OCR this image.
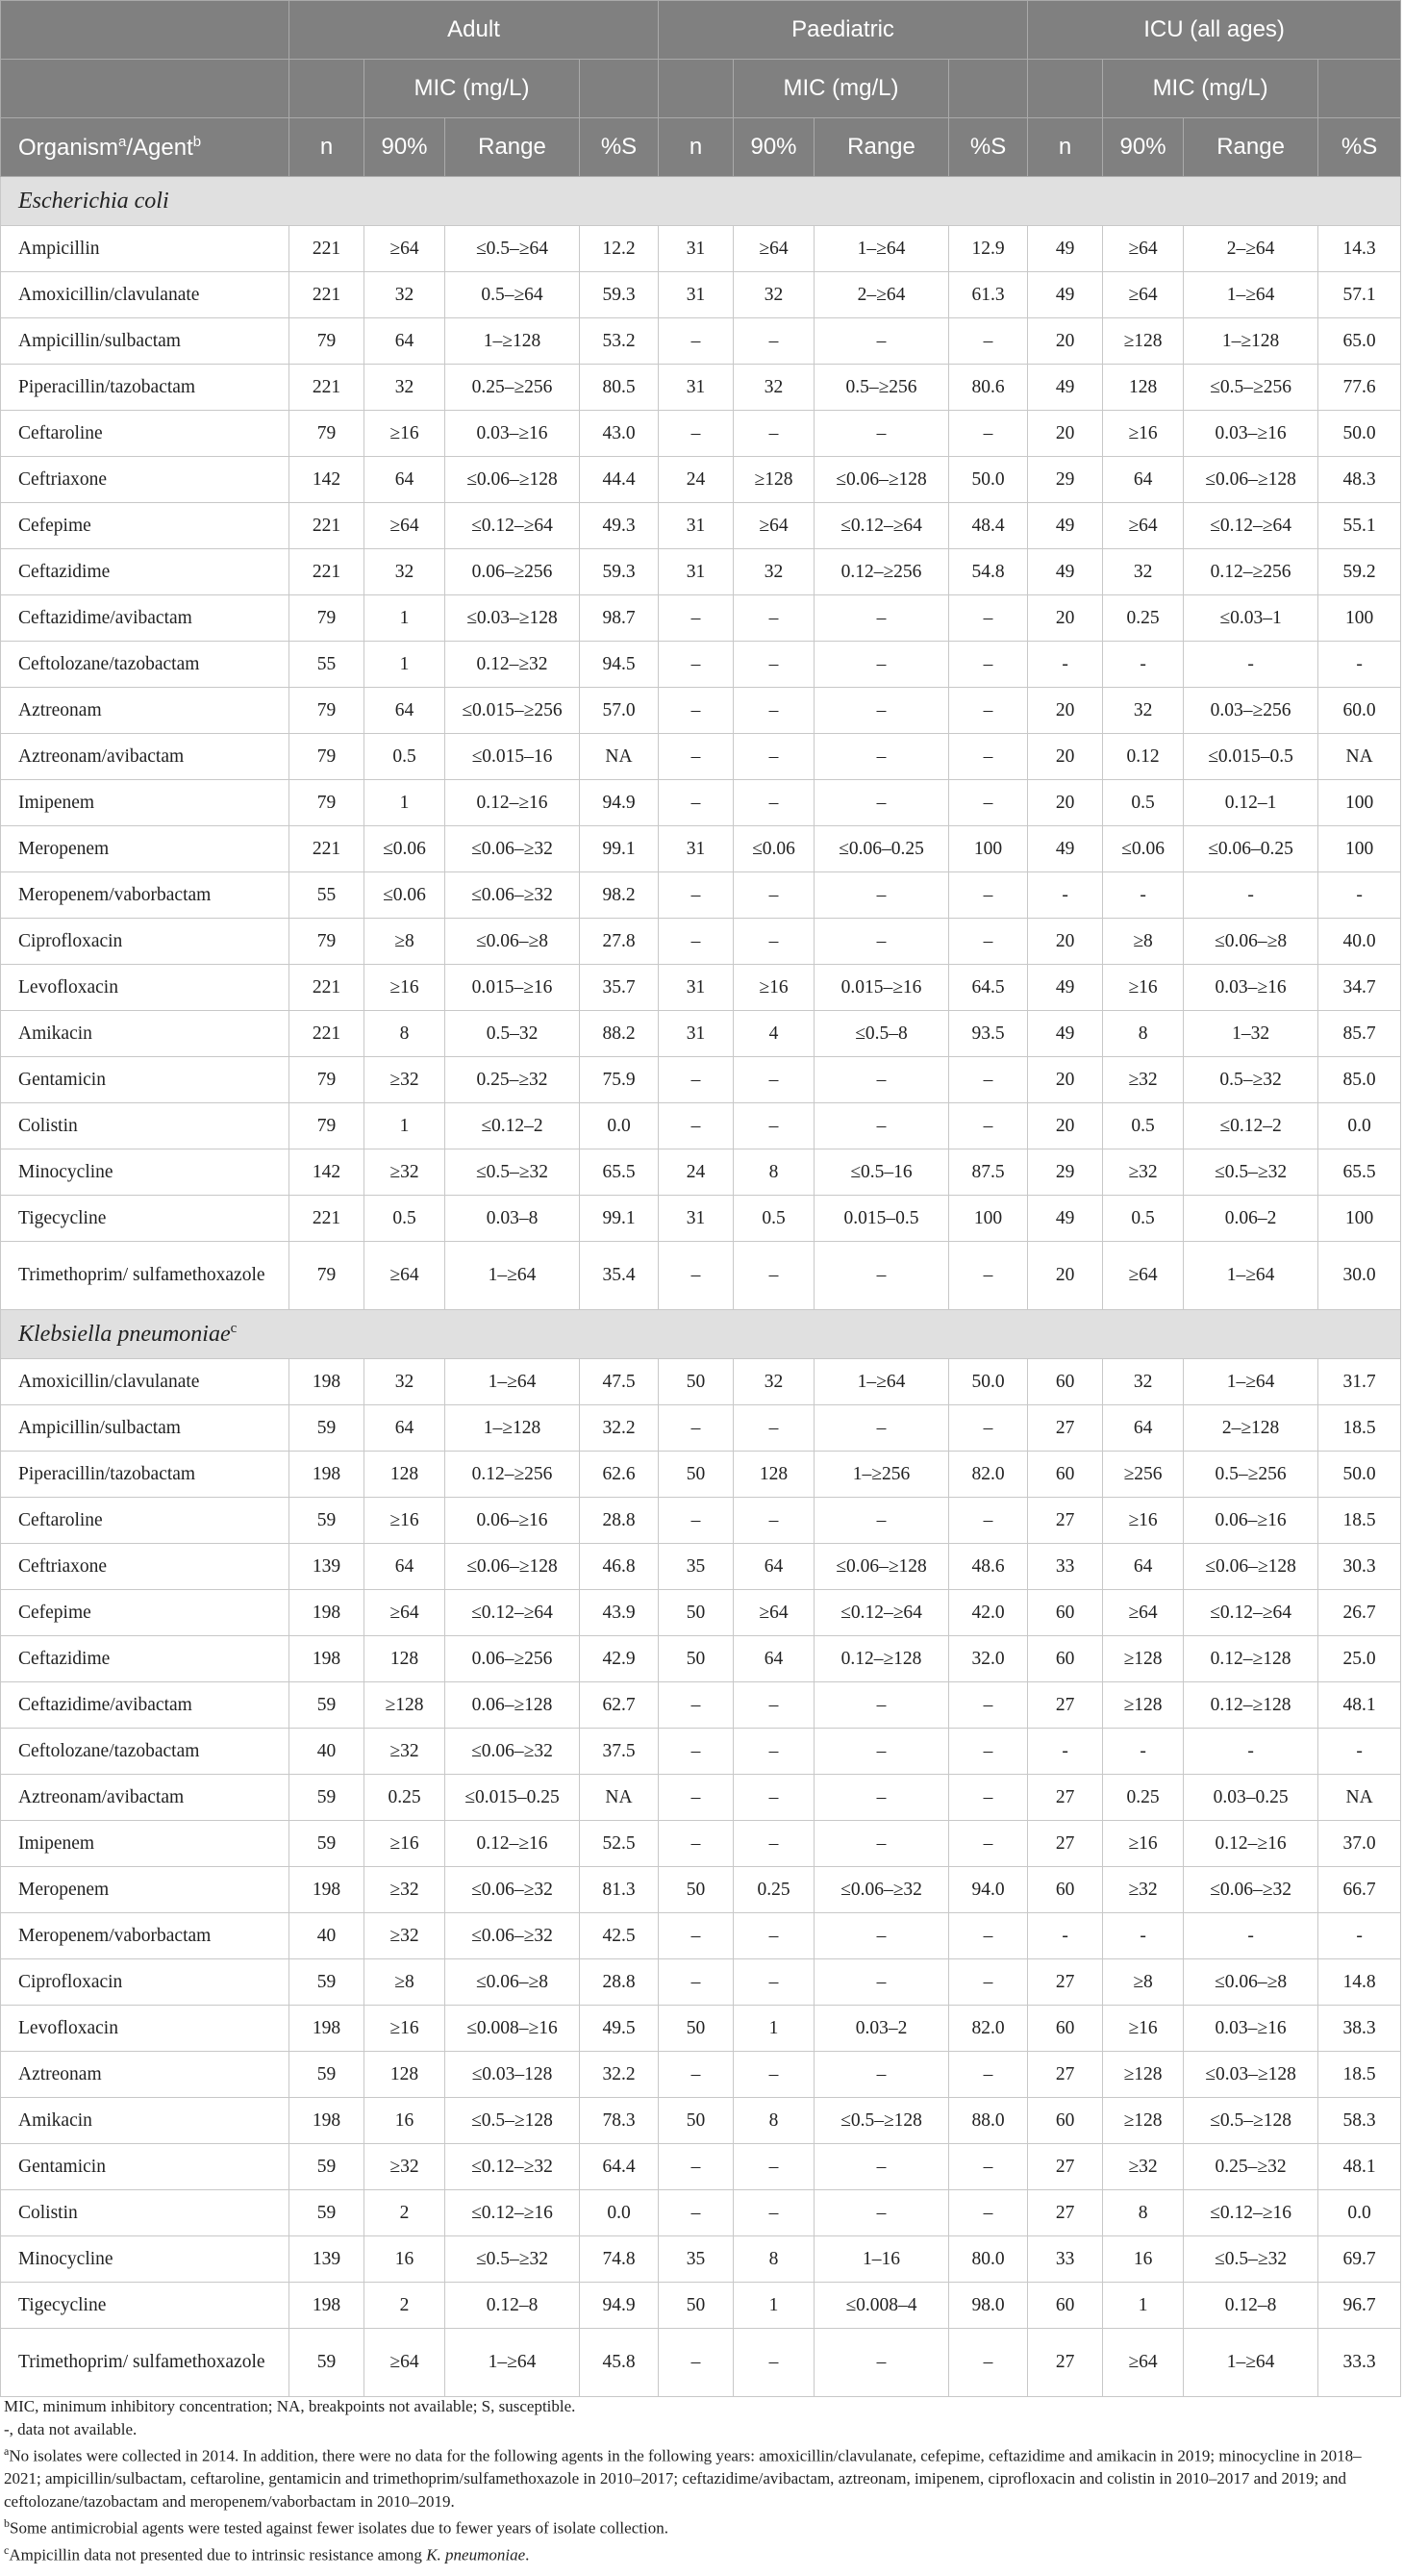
	Adult				Paediatric				ICU (all ages)			
		MIC (mg/L)				MIC (mg/L)				MIC (mg/L)		
Organism$^a$/Agent$^b$	n	90%	Range	%S	n	90%	Range	%S	n	90%	Range	%S
Escherichia coli												
Ampicillin	221	≥64	≤0.5–≥64	12.2	31	≥64	1–≥64	12.9	49	≥64	2–≥64	14.3
Amoxicillin/clavulanate	221	32	0.5–≥64	59.3	31	32	2–≥64	61.3	49	≥64	1–≥64	57.1
Ampicillin/sulbactam	79	64	1–≥128	53.2	–	–	–	–	20	≥128	1–≥128	65.0
Piperacillin/tazobactam	221	32	0.25–≥256	80.5	31	32	0.5–≥256	80.6	49	128	≤0.5–≥256	77.6
Ceftaroline	79	≥16	0.03–≥16	43.0	–	–	–	–	20	≥16	0.03–≥16	50.0
Ceftriaxone	142	64	≤0.06–≥128	44.4	24	≥128	≤0.06–≥128	50.0	29	64	≤0.06–≥128	48.3
Cefepime	221	≥64	≤0.12–≥64	49.3	31	≥64	≤0.12–≥64	48.4	49	≥64	≤0.12–≥64	55.1
Ceftazidime	221	32	0.06–≥256	59.3	31	32	0.12–≥256	54.8	49	32	0.12–≥256	59.2
Ceftazidime/avibactam	79	1	≤0.03–≥128	98.7	–	–	–	–	20	0.25	≤0.03–1	100
Ceftolozane/tazobactam	55	1	0.12–≥32	94.5	–	–	–	–	-	-	-	-
Aztreonam	79	64	≤0.015–≥256	57.0	–	–	–	–	20	32	0.03–≥256	60.0
Aztreonam/avibactam	79	0.5	≤0.015–16	NA	–	–	–	–	20	0.12	≤0.015–0.5	NA
Imipenem	79	1	0.12–≥16	94.9	–	–	–	–	20	0.5	0.12–1	100
Meropenem	221	≤0.06	≤0.06–≥32	99.1	31	≤0.06	≤0.06–0.25	100	49	≤0.06	≤0.06–0.25	100
Meropenem/vaborbactam	55	≤0.06	≤0.06–≥32	98.2	–	–	–	–	-	-	-	-
Ciprofloxacin	79	≥8	≤0.06–≥8	27.8	–	–	–	–	20	≥8	≤0.06–≥8	40.0
Levofloxacin	221	≥16	0.015–≥16	35.7	31	≥16	0.015–≥16	64.5	49	≥16	0.03–≥16	34.7
Amikacin	221	8	0.5–32	88.2	31	4	≤0.5–8	93.5	49	8	1–32	85.7
Gentamicin	79	≥32	0.25–≥32	75.9	–	–	–	–	20	≥32	0.5–≥32	85.0
Colistin	79	1	≤0.12–2	0.0	–	–	–	–	20	0.5	≤0.12–2	0.0
Minocycline	142	≥32	≤0.5–≥32	65.5	24	8	≤0.5–16	87.5	29	≥32	≤0.5–≥32	65.5
Tigecycline	221	0.5	0.03–8	99.1	31	0.5	0.015–0.5	100	49	0.5	0.06–2	100
Trimethoprim/ sulfamethoxazole	79	≥64	1–≥64	35.4	–	–	–	–	20	≥64	1–≥64	30.0
Klebsiella pneumoniae$^c$
Amoxicillin/clavulanate	198	32	1–≥64	47.5	50	32	1–≥64	50.0	60	32	1–≥64	31.7
Ampicillin/sulbactam	59	64	1–≥128	32.2	–	–	–	–	27	64	2–≥128	18.5
Piperacillin/tazobactam	198	128	0.12–≥256	62.6	50	128	1–≥256	82.0	60	≥256	0.5–≥256	50.0
Ceftaroline	59	≥16	0.06–≥16	28.8	–	–	–	–	27	≥16	0.06–≥16	18.5
Ceftriaxone	139	64	≤0.06–≥128	46.8	35	64	≤0.06–≥128	48.6	33	64	≤0.06–≥128	30.3
Cefepime	198	≥64	≤0.12–≥64	43.9	50	≥64	≤0.12–≥64	42.0	60	≥64	≤0.12–≥64	26.7
Ceftazidime	198	128	0.06–≥256	42.9	50	64	0.12–≥128	32.0	60	≥128	0.12–≥128	25.0
Ceftazidime/avibactam	59	≥128	0.06–≥128	62.7	–	–	–	–	27	≥128	0.12–≥128	48.1
Ceftolozane/tazobactam	40	≥32	≤0.06–≥32	37.5	–	–	–	–	-	-	-	-
Aztreonam/avibactam	59	0.25	≤0.015–0.25	NA	–	–	–	–	27	0.25	0.03–0.25	NA
Imipenem	59	≥16	0.12–≥16	52.5	–	–	–	–	27	≥16	0.12–≥16	37.0
Meropenem	198	≥32	≤0.06–≥32	81.3	50	0.25	≤0.06–≥32	94.0	60	≥32	≤0.06–≥32	66.7
Meropenem/vaborbactam	40	≥32	≤0.06–≥32	42.5	–	–	–	–	-	-	-	-
Ciprofloxacin	59	≥8	≤0.06–≥8	28.8	–	–	–	–	27	≥8	≤0.06–≥8	14.8
Levofloxacin	198	≥16	≤0.008–≥16	49.5	50	1	0.03–2	82.0	60	≥16	0.03–≥16	38.3
Aztreonam	59	128	≤0.03–128	32.2	–	–	–	–	27	≥128	≤0.03–≥128	18.5
Amikacin	198	16	≤0.5–≥128	78.3	50	8	≤0.5–≥128	88.0	60	≥128	≤0.5–≥128	58.3
Gentamicin	59	≥32	≤0.12–≥32	64.4	–	–	–	–	27	≥32	0.25–≥32	48.1
Colistin	59	2	≤0.12–≥16	0.0	–	–	–	–	27	8	≤0.12–≥16	0.0
Minocycline	139	16	≤0.5–≥32	74.8	35	8	1–16	80.0	33	16	≤0.5–≥32	69.7
Tigecycline	198	2	0.12–8	94.9	50	1	≤0.008–4	98.0	60	1	0.12–8	96.7
Trimethoprim/ sulfamethoxazole	59	≥64	1–≥64	45.8	–	–	–	–	27	≥64	1–≥64	33.3

MIC, minimum inhibitory concentration; NA, breakpoints not available; S, susceptible.

-, data not available.

$^a$No isolates were collected in 2014. In addition, there were no data for the following agents in the following years: amoxicillin/clavulanate, cefepime, ceftazidime and amikacin in 2019; minocycline in 2018–2021; ampicillin/sulbactam, ceftaroline, gentamicin and trimethoprim/sulfamethoxazole in 2010–2017; ceftazidime/avibactam, aztreonam, imipenem, ciprofloxacin and colistin in 2010–2017 and 2019; and ceftolozane/tazobactam and meropenem/vaborbactam in 2010–2019.

$^b$Some antimicrobial agents were tested against fewer isolates due to fewer years of isolate collection.

$^c$Ampicillin data not presented due to intrinsic resistance among K. pneumoniae.
